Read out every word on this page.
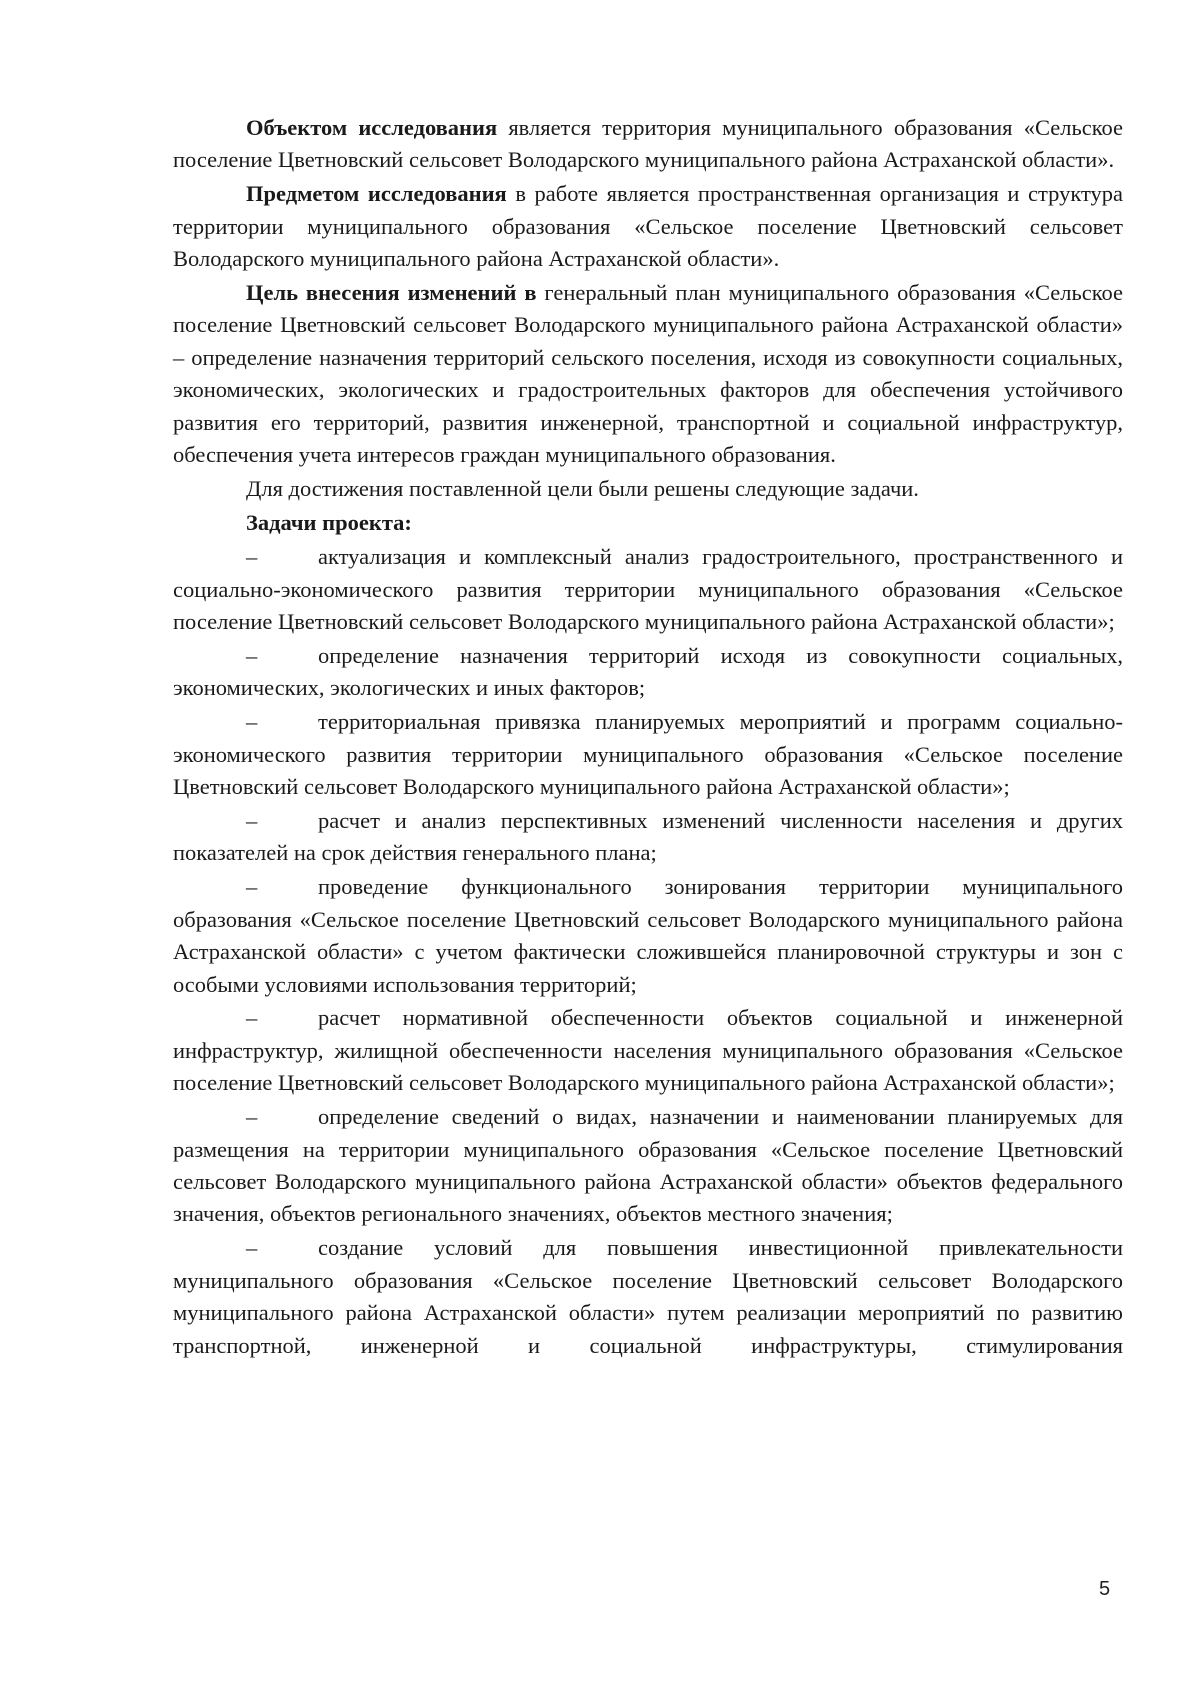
Объектом исследования является территория муниципального образования «Сельское поселение Цветновский сельсовет Володарского муниципального района Астраханской области».

Предметом исследования в работе является пространственная организация и структура территории муниципального образования «Сельское поселение Цветновский сельсовет Володарского муниципального района Астраханской области».

Цель внесения изменений в генеральный план муниципального образования «Сельское поселение Цветновский сельсовет Володарского муниципального района Астраханской области» – определение назначения территорий сельского поселения, исходя из совокупности социальных, экономических, экологических и градостроительных факторов для обеспечения устойчивого развития его территорий, развития инженерной, транспортной и социальной инфраструктур, обеспечения учета интересов граждан муниципального образования.

Для достижения поставленной цели были решены следующие задачи.

Задачи проекта:

–	актуализация и комплексный анализ градостроительного, пространственного и социально-экономического развития территории муниципального образования «Сельское поселение Цветновский сельсовет Володарского муниципального района Астраханской области»;

–	определение назначения территорий исходя из совокупности социальных, экономических, экологических и иных факторов;

–	территориальная привязка планируемых мероприятий и программ социально-экономического развития территории муниципального образования «Сельское поселение Цветновский сельсовет Володарского муниципального района Астраханской области»;

–	расчет и анализ перспективных изменений численности населения и других показателей на срок действия генерального плана;

–	проведение функционального зонирования территории муниципального образования «Сельское поселение Цветновский сельсовет Володарского муниципального района Астраханской области» с учетом фактически сложившейся планировочной структуры и зон с особыми условиями использования территорий;

–	расчет нормативной обеспеченности объектов социальной и инженерной инфраструктур, жилищной обеспеченности населения муниципального образования «Сельское поселение Цветновский сельсовет Володарского муниципального района Астраханской области»;

–	определение сведений о видах, назначении и наименовании планируемых для размещения на территории муниципального образования «Сельское поселение Цветновский сельсовет Володарского муниципального района Астраханской области» объектов федерального значения, объектов регионального значениях, объектов местного значения;

–	создание условий для повышения инвестиционной привлекательности муниципального образования «Сельское поселение Цветновский сельсовет Володарского муниципального района Астраханской области» путем реализации мероприятий по развитию транспортной, инженерной и социальной инфраструктуры, стимулирования

5
